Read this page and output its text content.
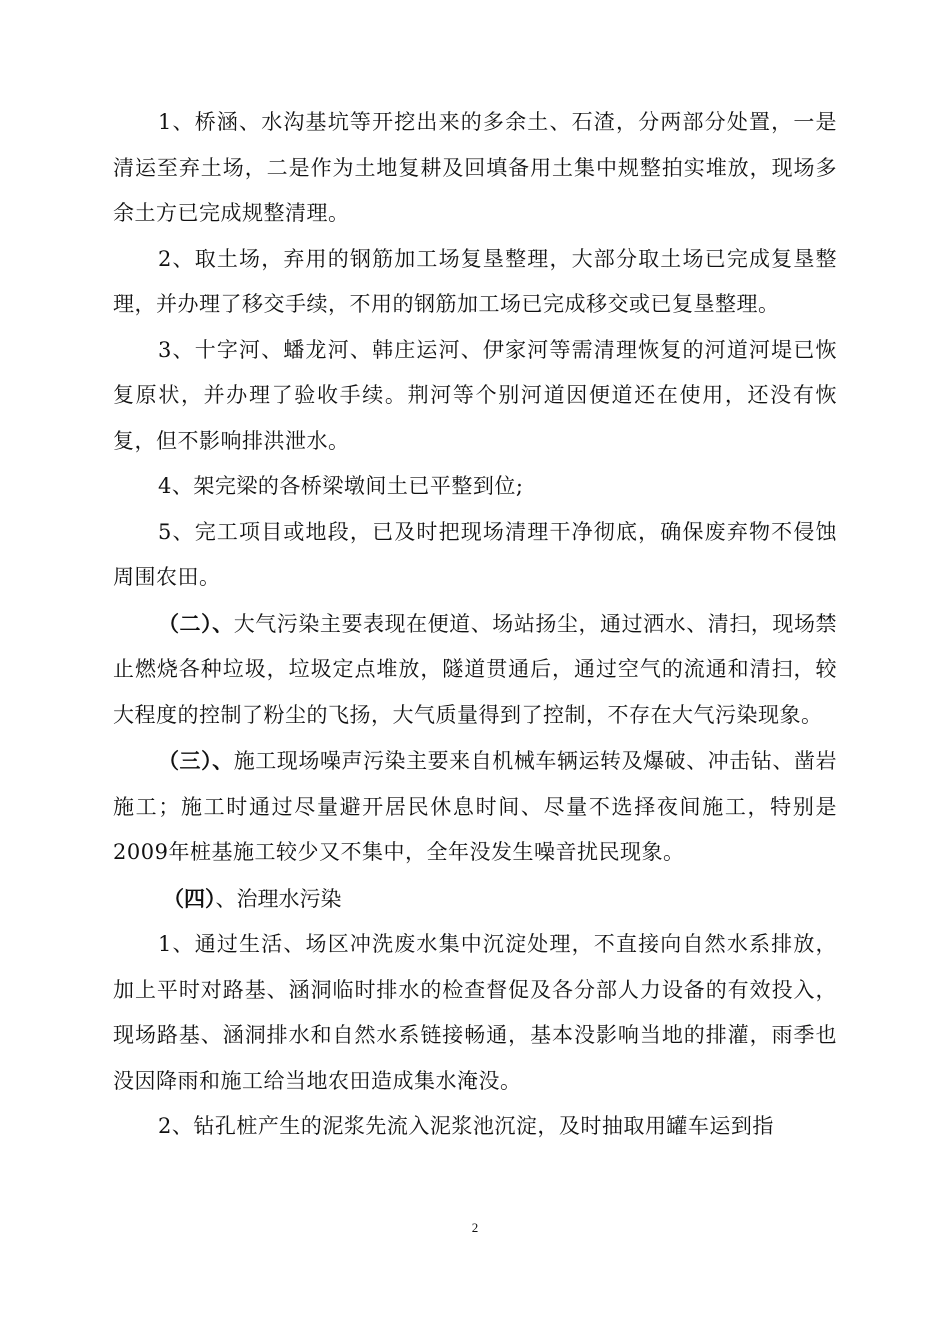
1、桥涵、水沟基坑等开挖出来的多余土、石渣，分两部分处置，一是清运至弃土场，二是作为土地复耕及回填备用土集中规整拍实堆放，现场多余土方已完成规整清理。

2、取土场，弃用的钢筋加工场复垦整理，大部分取土场已完成复垦整理，并办理了移交手续，不用的钢筋加工场已完成移交或已复垦整理。

3、十字河、蟠龙河、韩庄运河、伊家河等需清理恢复的河道河堤已恢复原状，并办理了验收手续。荆河等个别河道因便道还在使用，还没有恢复，但不影响排洪泄水。

4、架完梁的各桥梁墩间土已平整到位;

5、完工项目或地段，已及时把现场清理干净彻底，确保废弃物不侵蚀周围农田。

（二）、大气污染主要表现在便道、场站扬尘，通过洒水、清扫，现场禁止燃烧各种垃圾，垃圾定点堆放，隧道贯通后，通过空气的流通和清扫，较大程度的控制了粉尘的飞扬，大气质量得到了控制，不存在大气污染现象。

（三）、施工现场噪声污染主要来自机械车辆运转及爆破、冲击钻、凿岩施工；施工时通过尽量避开居民休息时间、尽量不选择夜间施工，特别是2009年桩基施工较少又不集中，全年没发生噪音扰民现象。

（四）、治理水污染

1、通过生活、场区冲洗废水集中沉淀处理，不直接向自然水系排放，加上平时对路基、涵洞临时排水的检查督促及各分部人力设备的有效投入，现场路基、涵洞排水和自然水系链接畅通，基本没影响当地的排灌，雨季也没因降雨和施工给当地农田造成集水淹没。

2、钻孔桩产生的泥浆先流入泥浆池沉淀，及时抽取用罐车运到指

2
